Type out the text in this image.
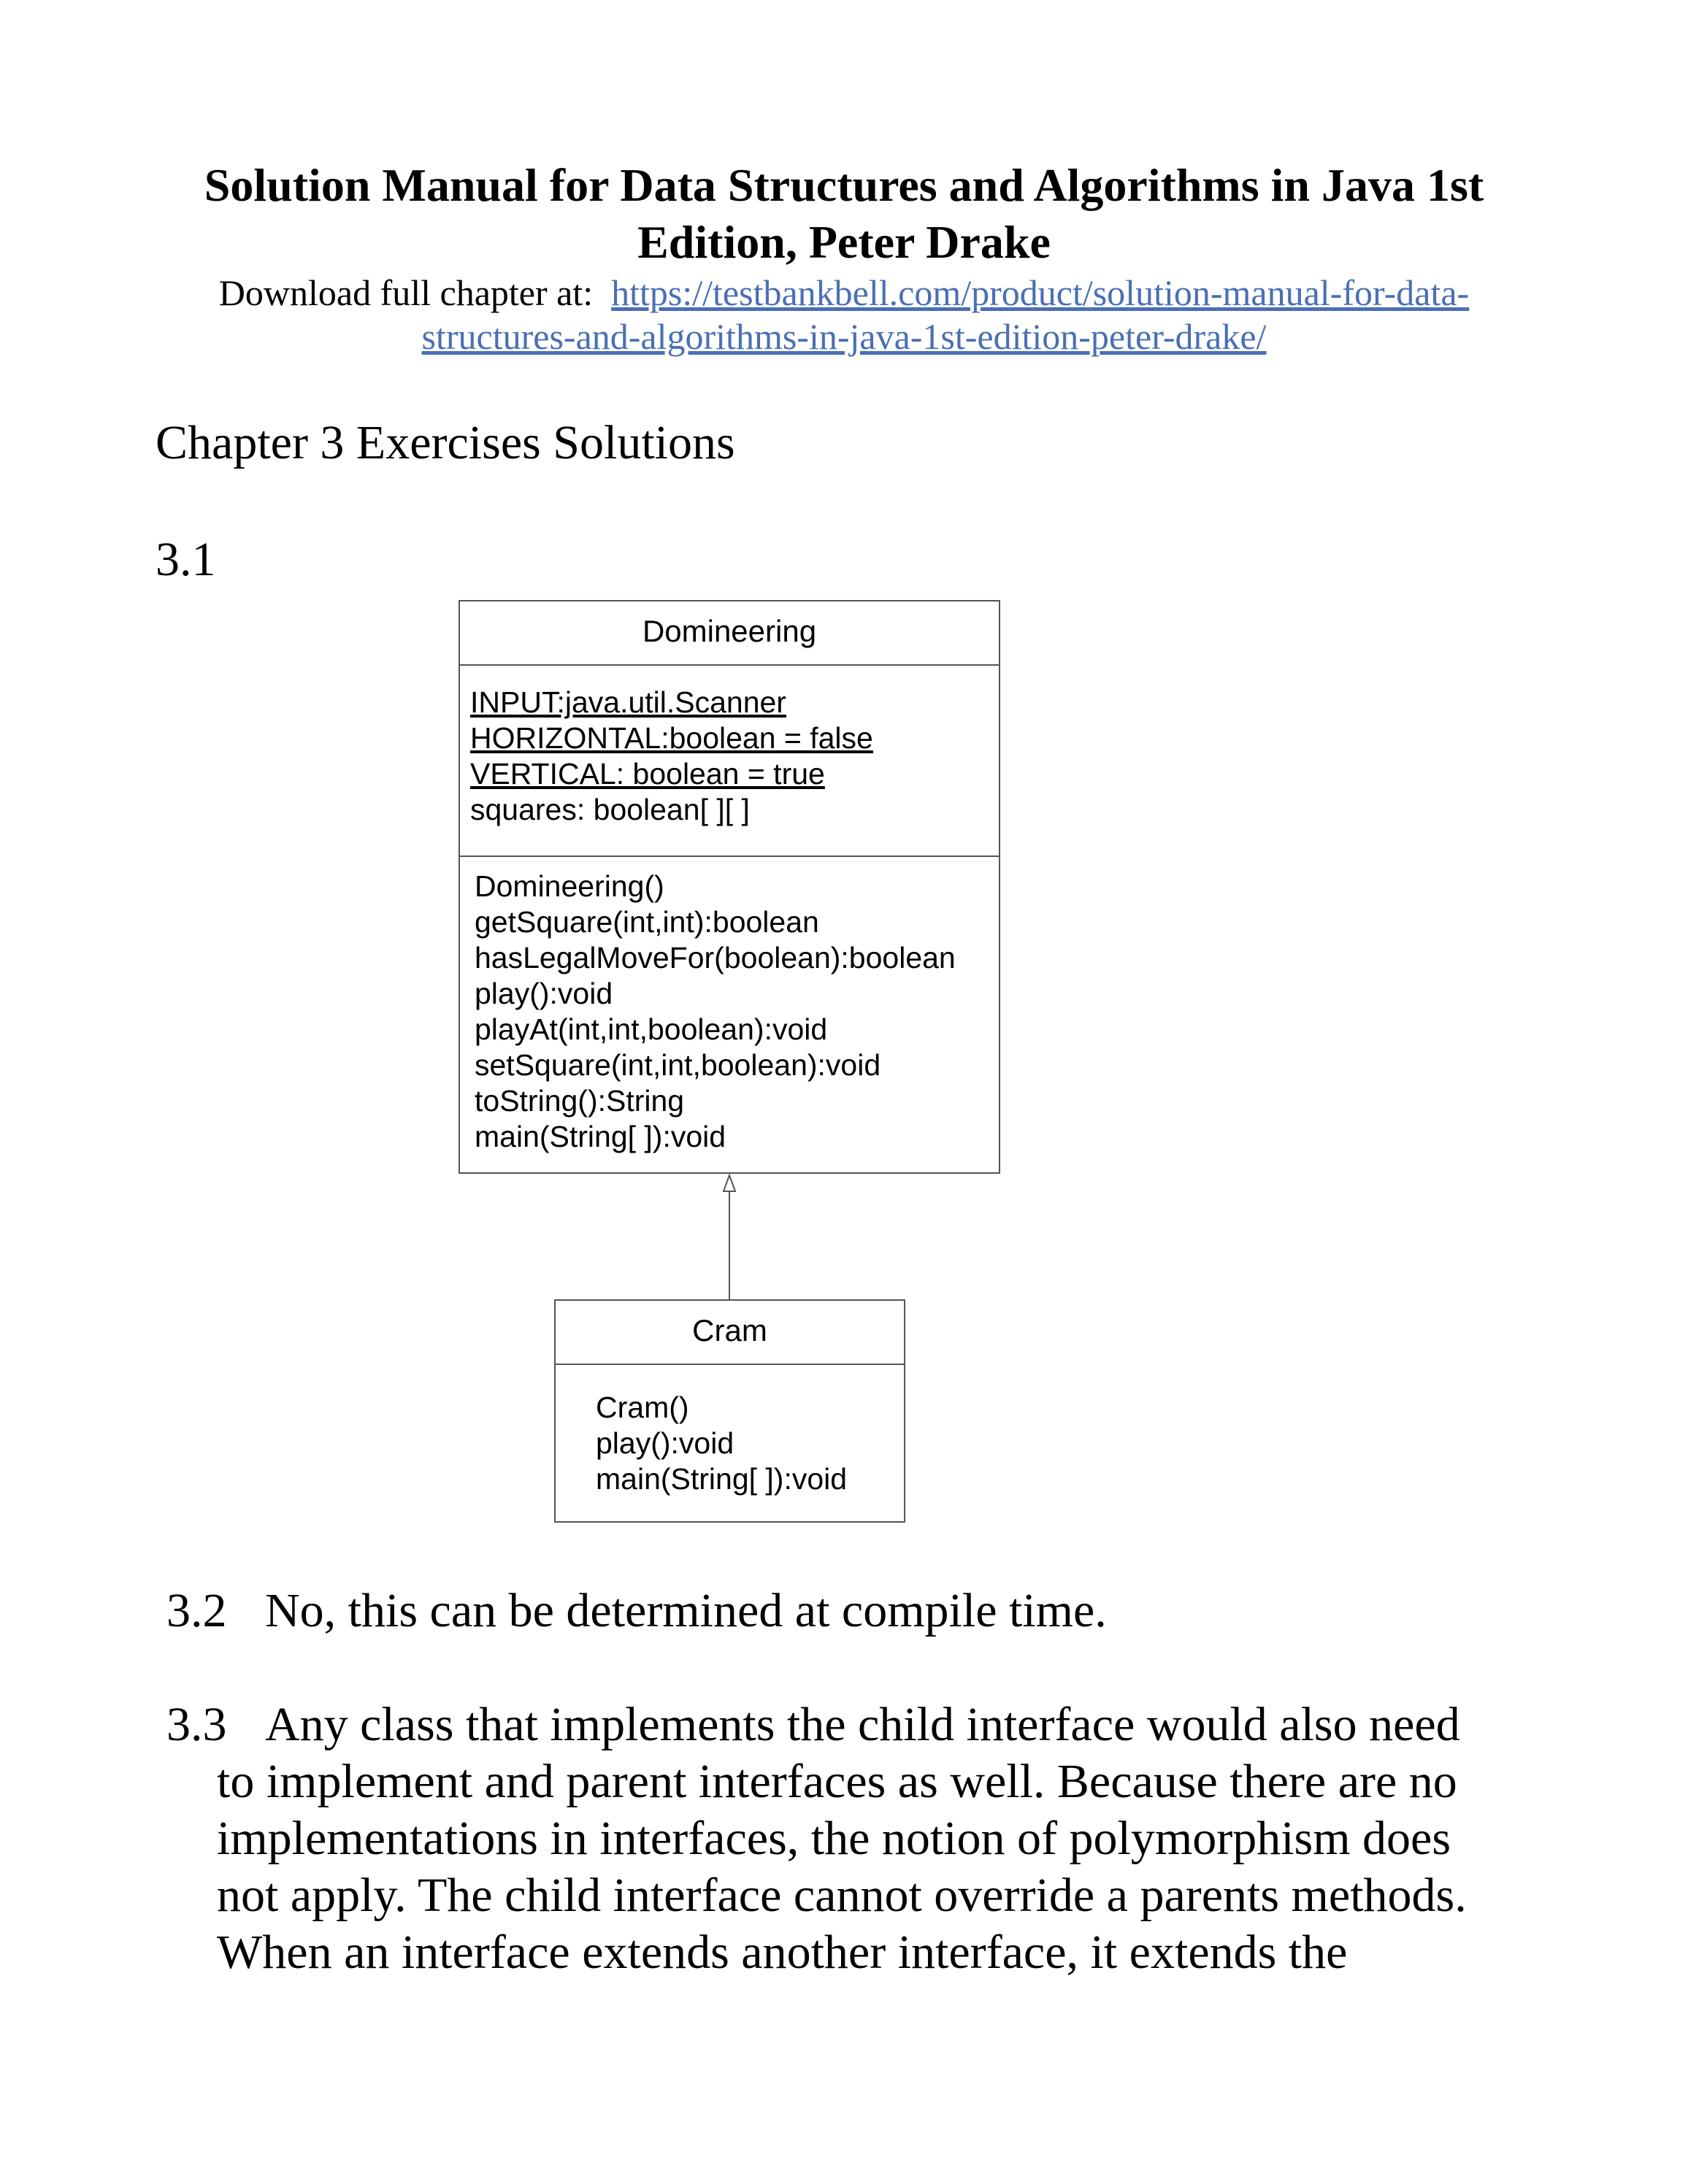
Solution Manual for Data Structures and Algorithms in Java 1st
Edition, Peter Drake
Download full chapter at: https://testbankbell.com/product/solution-manual-for-data-
structures-and-algorithms-in-java-1st-edition-peter-drake/
Chapter 3 Exercises Solutions
3.1
Domineering
INPUT:java.util.Scanner
HORIZONTAL:boolean = false
VERTICAL: boolean = true
squares: boolean[ ][ ]
Domineering()
getSquare(int,int):boolean
hasLegalMoveFor(boolean):boolean
play():void
playAt(int,int,boolean):void
setSquare(int,int,boolean):void
toString():String
main(String[ ]):void
Cram
Cram()
play():void
main(String[ ]):void
3.2 No, this can be determined at compile time.
3.3 Any class that implements the child interface would also need
to implement and parent interfaces as well. Because there are no
implementations in interfaces, the notion of polymorphism does
not apply. The child interface cannot override a parents methods.
When an interface extends another interface, it extends the
